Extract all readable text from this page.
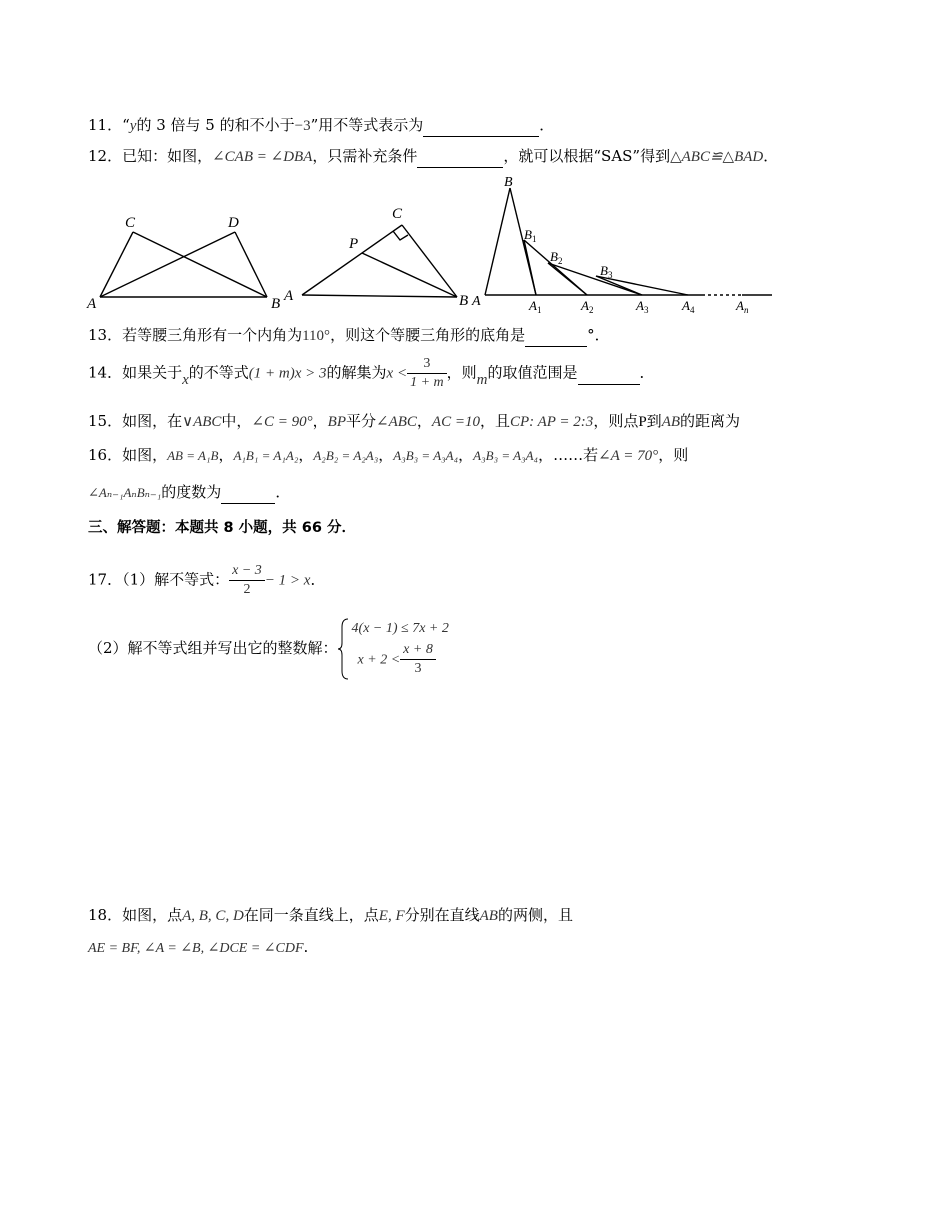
11．“y的 3 倍与 5 的和不小于−3”用不等式表示为	．
12．已知：如图，∠CAB = ∠DBA，只需补充条件	，就可以根据“SAS”得到△ABC≌△BAD．
C	D
A	B
C
P
A	B
B
$B_1$
$B_2$
$B_3$
A	$A_1$	$A_2$	$A_3$	$A_4$	$A_n$
13．若等腰三角形有一个内角为110°，则这个等腰三角形的底角是	°．
14．如果关于x的不等式(1 + m)x > 3的解集为$x < \frac{3}{1 + m}$ ，则m的取值范围是	．
15．如图，在∨ABC中，∠C = 90°，BP平分∠ABC，AC =10，且CP: AP = 2:3，则点P到AB的距离为
16．如图，AB = A₁B，A₁B₁ = A₁A₂，A₂B₂ = A₂A₃，A₃B₃ = A₃A₄，A₃B₃ = A₃A₄，……若∠A = 70°，则
∠Aₙ₋₁AₙBₙ₋₁的度数为	．
三、解答题：本题共 8 小题，共 66 分．
17．（1）解不等式： $\frac{x - 3}{2} - 1 > x$．
（2）解不等式组并写出它的整数解：
4(x − 1) ≤ 7x + 2
$x + 2 < \frac{x + 8}{3}$
18．如图，点A, B, C, D在同一条直线上，点E, F分别在直线AB的两侧，且
AE = BF, ∠A = ∠B, ∠DCE = ∠CDF.
